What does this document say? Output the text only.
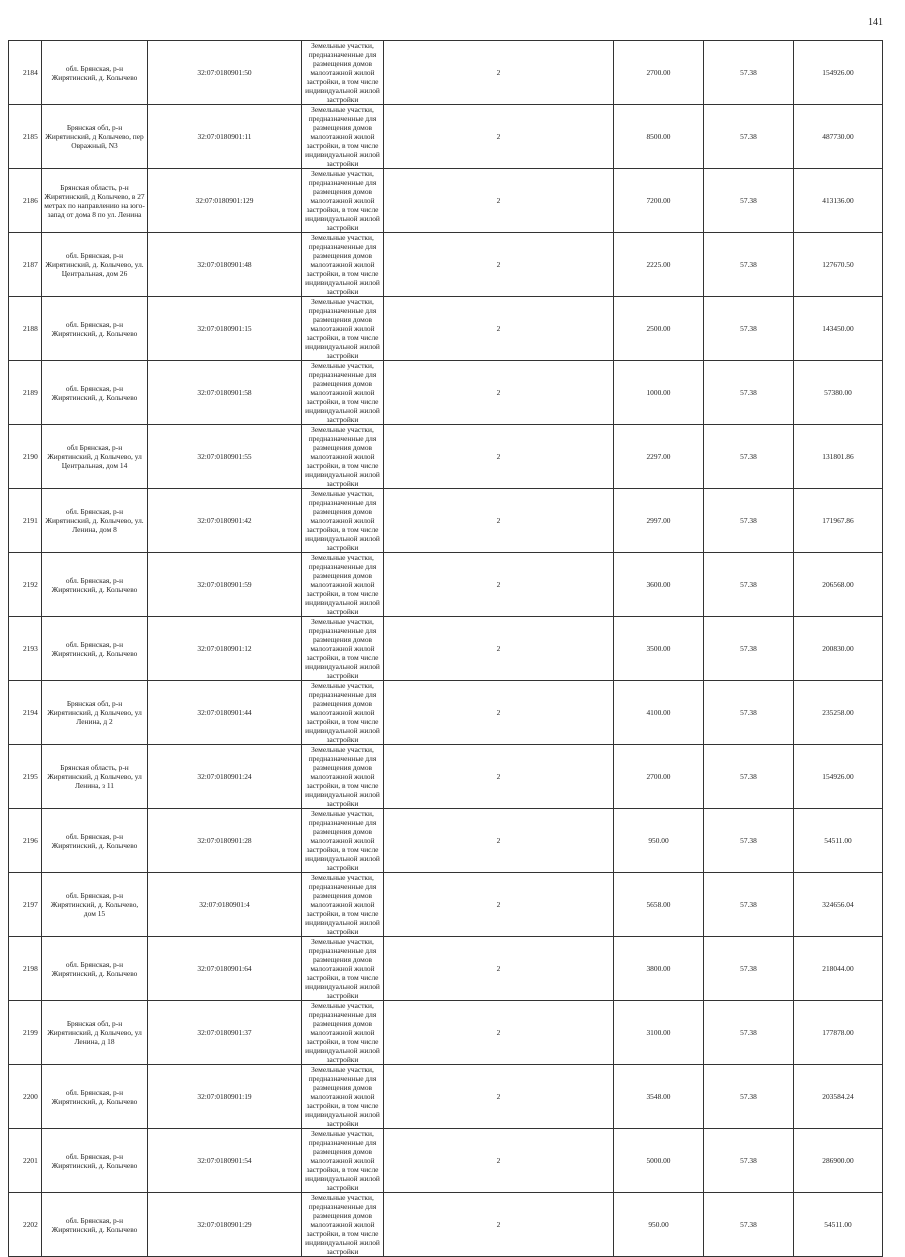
141
2184	обл. Брянская, р-н Жирятинский, д. Колычево	32:07:0180901:50	Земельные участки, предназначенные для размещения домов малоэтажной жилой застройки, в том числе индивидуальной жилой застройки	2	2700.00	57.38	154926.00
2185	Брянская обл, р-н Жирятинский, д Колычево, пер Овражный, N3	32:07:0180901:11	Земельные участки, предназначенные для размещения домов малоэтажной жилой застройки, в том числе индивидуальной жилой застройки	2	8500.00	57.38	487730.00
2186	Брянская область, р-н Жирятинский, д Колычево, в 27 метрах по направлению на юго-запад от дома 8 по ул. Ленина	32:07:0180901:129	Земельные участки, предназначенные для размещения домов малоэтажной жилой застройки, в том числе индивидуальной жилой застройки	2	7200.00	57.38	413136.00
2187	обл. Брянская, р-н Жирятинский, д. Колычево, ул. Центральная, дом 26	32:07:0180901:48	Земельные участки, предназначенные для размещения домов малоэтажной жилой застройки, в том числе индивидуальной жилой застройки	2	2225.00	57.38	127670.50
2188	обл. Брянская, р-н Жирятинский, д. Колычево	32:07:0180901:15	Земельные участки, предназначенные для размещения домов малоэтажной жилой застройки, в том числе индивидуальной жилой застройки	2	2500.00	57.38	143450.00
2189	обл. Брянская, р-н Жирятинский, д. Колычево	32:07:0180901:58	Земельные участки, предназначенные для размещения домов малоэтажной жилой застройки, в том числе индивидуальной жилой застройки	2	1000.00	57.38	57380.00
2190	обл Брянская, р-н Жирятинский, д Колычево, ул Центральная, дом 14	32:07:0180901:55	Земельные участки, предназначенные для размещения домов малоэтажной жилой застройки, в том числе индивидуальной жилой застройки	2	2297.00	57.38	131801.86
2191	обл. Брянская, р-н Жирятинский, д. Колычево, ул. Ленина, дом 8	32:07:0180901:42	Земельные участки, предназначенные для размещения домов малоэтажной жилой застройки, в том числе индивидуальной жилой застройки	2	2997.00	57.38	171967.86
2192	обл. Брянская, р-н Жирятинский, д. Колычево	32:07:0180901:59	Земельные участки, предназначенные для размещения домов малоэтажной жилой застройки, в том числе индивидуальной жилой застройки	2	3600.00	57.38	206568.00
2193	обл. Брянская, р-н Жирятинский, д. Колычево	32:07:0180901:12	Земельные участки, предназначенные для размещения домов малоэтажной жилой застройки, в том числе индивидуальной жилой застройки	2	3500.00	57.38	200830.00
2194	Брянская обл, р-н Жирятинский, д Колычево, ул Ленина, д 2	32:07:0180901:44	Земельные участки, предназначенные для размещения домов малоэтажной жилой застройки, в том числе индивидуальной жилой застройки	2	4100.00	57.38	235258.00
2195	Брянская область, р-н Жирятинский, д Колычево, ул Ленина, з 11	32:07:0180901:24	Земельные участки, предназначенные для размещения домов малоэтажной жилой застройки, в том числе индивидуальной жилой застройки	2	2700.00	57.38	154926.00
2196	обл. Брянская, р-н Жирятинский, д. Колычево	32:07:0180901:28	Земельные участки, предназначенные для размещения домов малоэтажной жилой застройки, в том числе индивидуальной жилой застройки	2	950.00	57.38	54511.00
2197	обл. Брянская, р-н Жирятинский, д. Колычево, дом 15	32:07:0180901:4	Земельные участки, предназначенные для размещения домов малоэтажной жилой застройки, в том числе индивидуальной жилой застройки	2	5658.00	57.38	324656.04
2198	обл. Брянская, р-н Жирятинский, д. Колычево	32:07:0180901:64	Земельные участки, предназначенные для размещения домов малоэтажной жилой застройки, в том числе индивидуальной жилой застройки	2	3800.00	57.38	218044.00
2199	Брянская обл, р-н Жирятинский, д Колычево, ул Ленина, д 18	32:07:0180901:37	Земельные участки, предназначенные для размещения домов малоэтажной жилой застройки, в том числе индивидуальной жилой застройки	2	3100.00	57.38	177878.00
2200	обл. Брянская, р-н Жирятинский, д. Колычево	32:07:0180901:19	Земельные участки, предназначенные для размещения домов малоэтажной жилой застройки, в том числе индивидуальной жилой застройки	2	3548.00	57.38	203584.24
2201	обл. Брянская, р-н Жирятинский, д. Колычево	32:07:0180901:54	Земельные участки, предназначенные для размещения домов малоэтажной жилой застройки, в том числе индивидуальной жилой застройки	2	5000.00	57.38	286900.00
2202	обл. Брянская, р-н Жирятинский, д. Колычево	32:07:0180901:29	Земельные участки, предназначенные для размещения домов малоэтажной жилой застройки, в том числе индивидуальной жилой застройки	2	950.00	57.38	54511.00
